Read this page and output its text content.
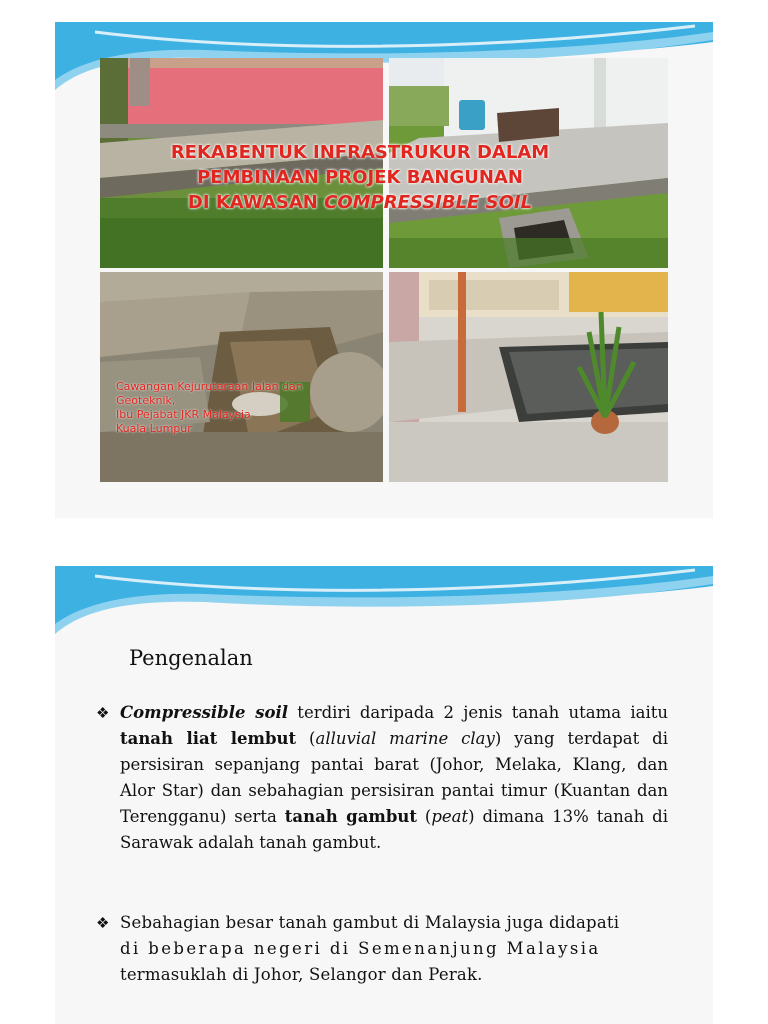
REKABENTUK INFRASTRUKUR DALAM
PEMBINAAN PROJEK BANGUNAN
DI KAWASAN COMPRESSIBLE SOIL
Cawangan Kejuruteraan Jalan dan
Geoteknik,
Ibu Pejabat JKR Malaysia
Kuala Lumpur
Pengenalan
❖ Compressible soil terdiri daripada 2 jenis tanah utama iaitu tanah liat lembut (alluvial marine clay) yang terdapat di persisiran sepanjang pantai barat (Johor, Melaka, Klang, dan Alor Star) dan sebahagian persisiran pantai timur (Kuantan dan Terengganu) serta tanah gambut (peat) dimana 13% tanah di Sarawak adalah tanah gambut.
❖ Sebahagian besar tanah gambut di Malaysia juga didapati
di beberapa negeri di Semenanjung Malaysia
termasuklah di Johor, Selangor dan Perak.
